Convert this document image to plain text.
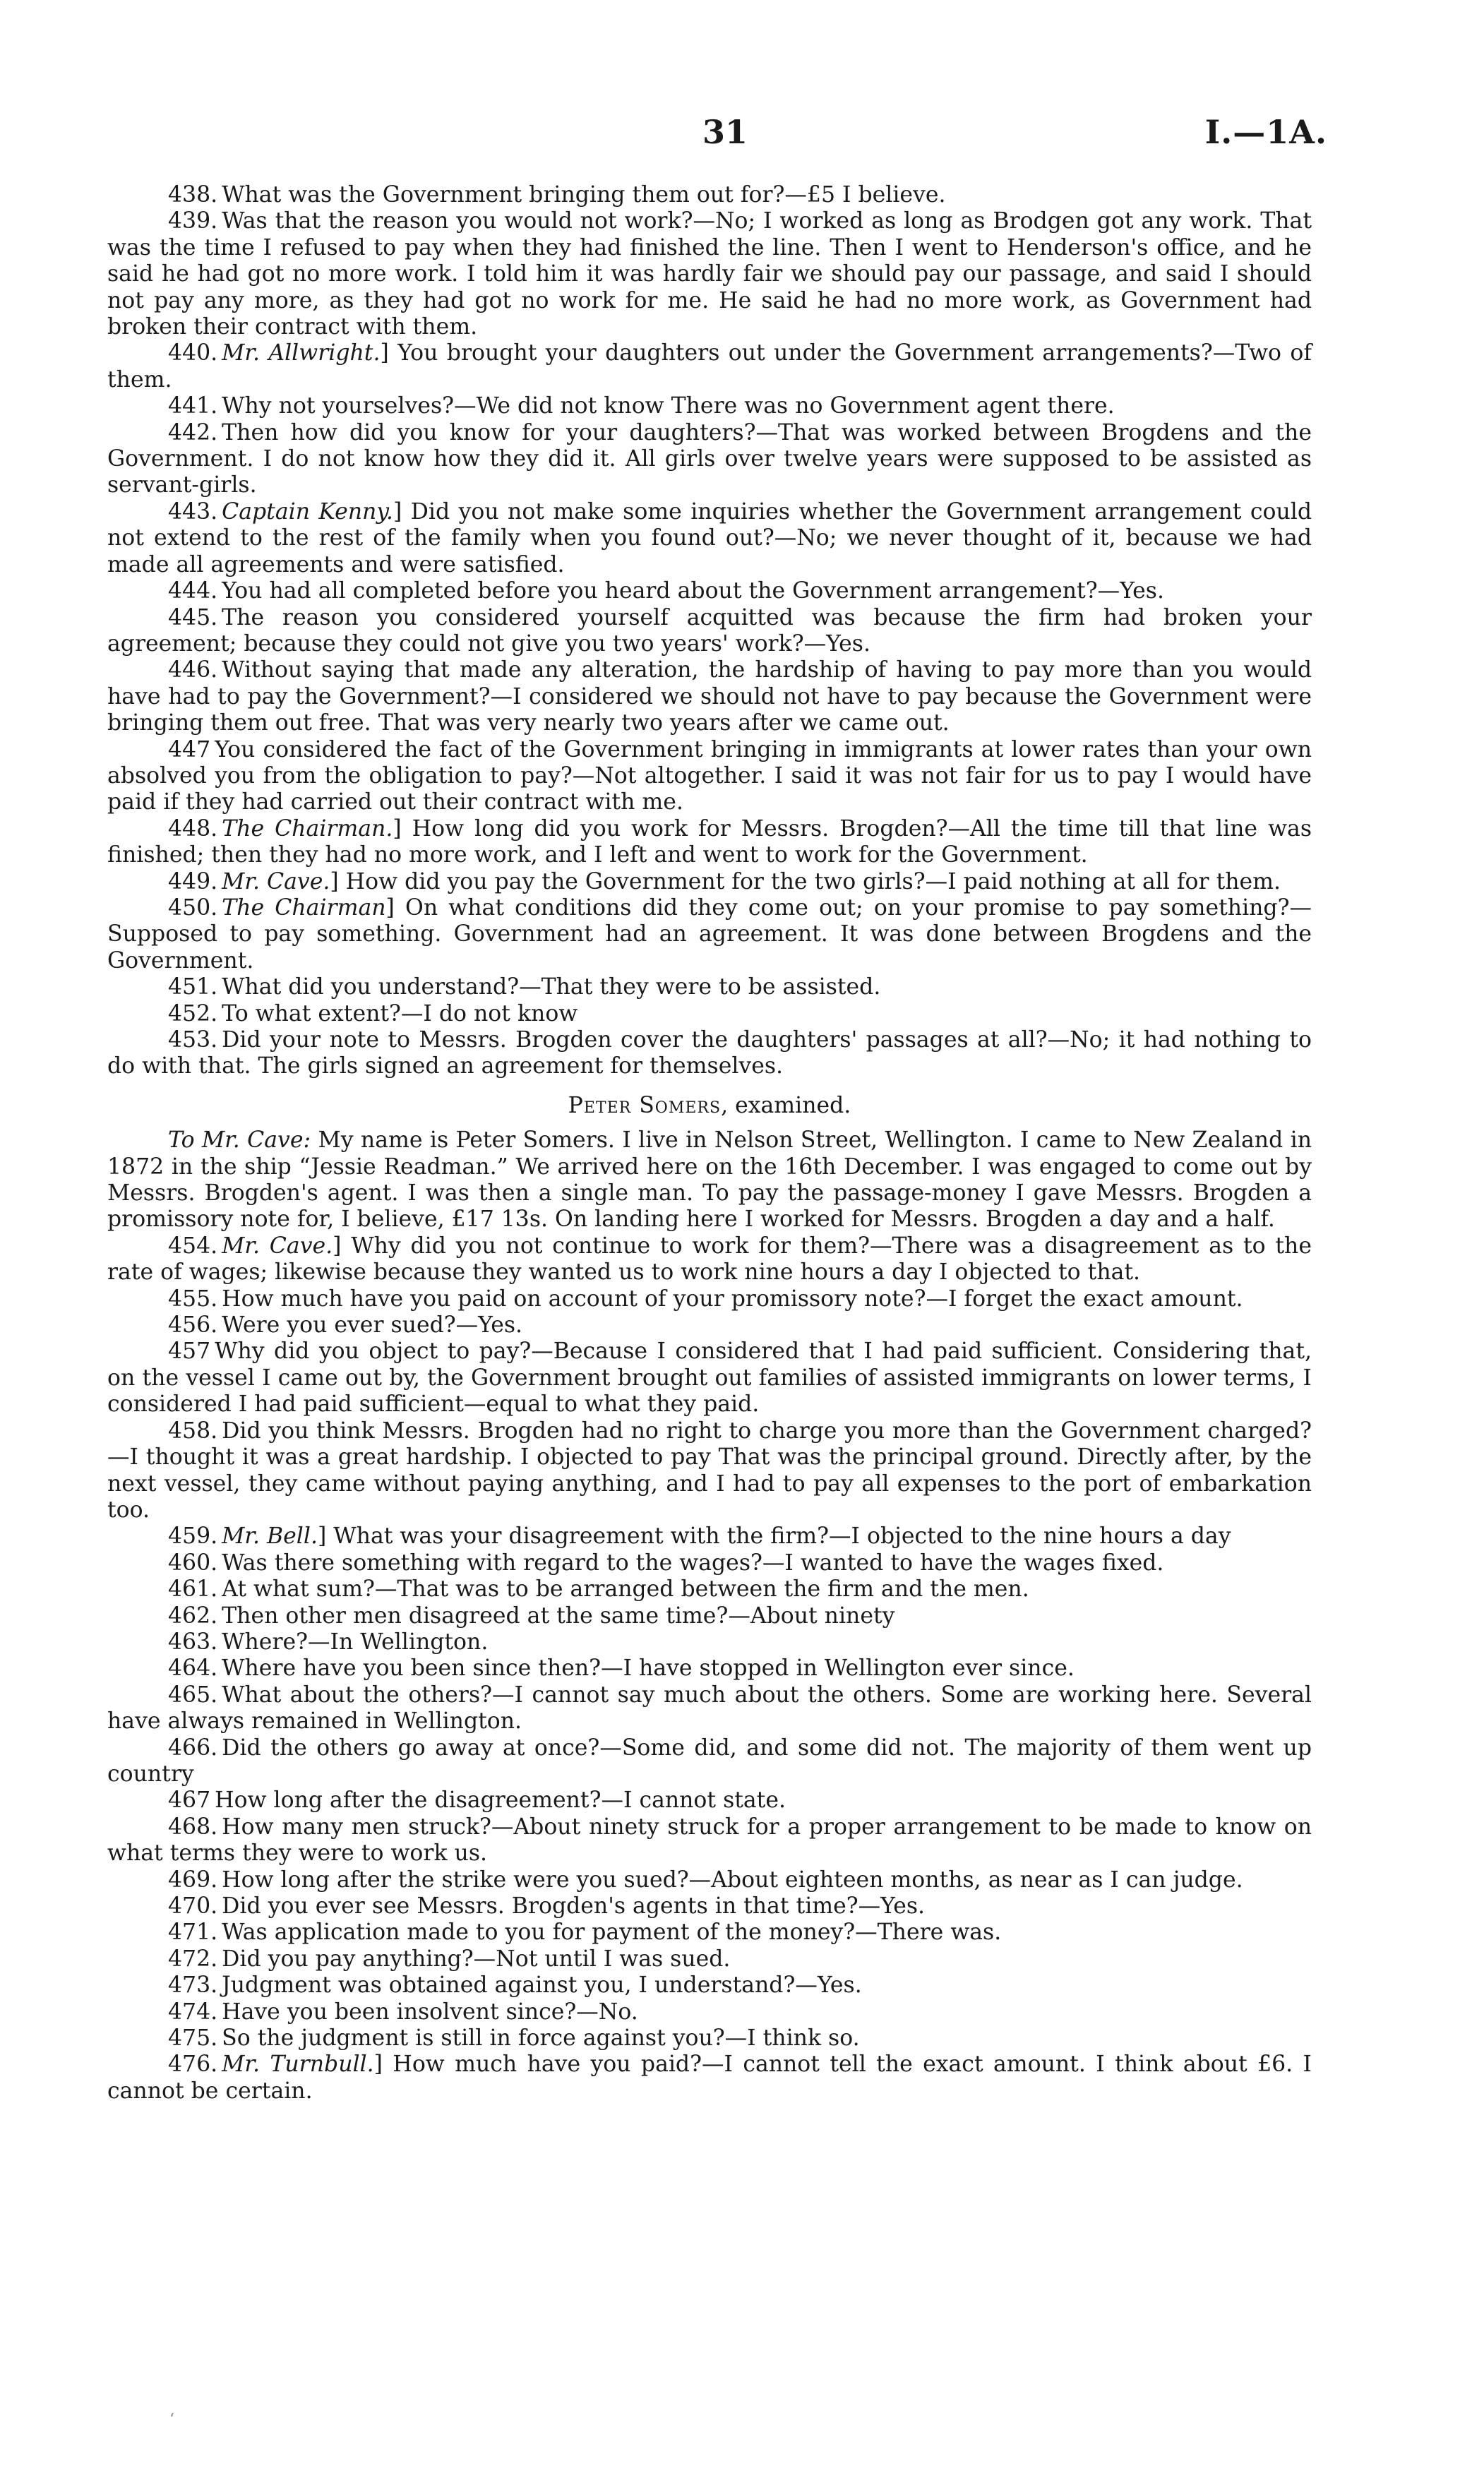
31	I.—1A.

438. What was the Government bringing them out for?—£5 I believe.

439. Was that the reason you would not work?—No; I worked as long as Brodgen got any work. That was the time I refused to pay when they had finished the line. Then I went to Henderson's office, and he said he had got no more work. I told him it was hardly fair we should pay our passage, and said I should not pay any more, as they had got no work for me. He said he had no more work, as Government had broken their contract with them.

440. Mr. Allwright.] You brought your daughters out under the Government arrangements?—Two of them.

441. Why not yourselves?—We did not know There was no Government agent there.

442. Then how did you know for your daughters?—That was worked between Brogdens and the Government. I do not know how they did it. All girls over twelve years were supposed to be assisted as servant-girls.

443. Captain Kenny.] Did you not make some inquiries whether the Government arrangement could not extend to the rest of the family when you found out?—No; we never thought of it, because we had made all agreements and were satisfied.

444. You had all completed before you heard about the Government arrangement?—Yes.

445. The reason you considered yourself acquitted was because the firm had broken your agreement; because they could not give you two years' work?—Yes.

446. Without saying that made any alteration, the hardship of having to pay more than you would have had to pay the Government?—I considered we should not have to pay because the Government were bringing them out free. That was very nearly two years after we came out.

447 You considered the fact of the Government bringing in immigrants at lower rates than your own absolved you from the obligation to pay?—Not altogether. I said it was not fair for us to pay I would have paid if they had carried out their contract with me.

448. The Chairman.] How long did you work for Messrs. Brogden?—All the time till that line was finished; then they had no more work, and I left and went to work for the Government.

449. Mr. Cave.] How did you pay the Government for the two girls?—I paid nothing at all for them.

450. The Chairman] On what conditions did they come out; on your promise to pay something?—Supposed to pay something. Government had an agreement. It was done between Brogdens and the Government.

451. What did you understand?—That they were to be assisted.

452. To what extent?—I do not know

453. Did your note to Messrs. Brogden cover the daughters' passages at all?—No; it had nothing to do with that. The girls signed an agreement for themselves.

Peter Somers, examined.

To Mr. Cave: My name is Peter Somers. I live in Nelson Street, Wellington. I came to New Zealand in 1872 in the ship “Jessie Readman.” We arrived here on the 16th December. I was engaged to come out by Messrs. Brogden's agent. I was then a single man. To pay the passage-money I gave Messrs. Brogden a promissory note for, I believe, £17 13s. On landing here I worked for Messrs. Brogden a day and a half.

454. Mr. Cave.] Why did you not continue to work for them?—There was a disagreement as to the rate of wages; likewise because they wanted us to work nine hours a day I objected to that.

455. How much have you paid on account of your promissory note?—I forget the exact amount.

456. Were you ever sued?—Yes.

457 Why did you object to pay?—Because I considered that I had paid sufficient. Considering that, on the vessel I came out by, the Government brought out families of assisted immigrants on lower terms, I considered I had paid sufficient—equal to what they paid.

458. Did you think Messrs. Brogden had no right to charge you more than the Government charged?—I thought it was a great hardship. I objected to pay That was the principal ground. Directly after, by the next vessel, they came without paying anything, and I had to pay all expenses to the port of embarkation too.

459. Mr. Bell.] What was your disagreement with the firm?—I objected to the nine hours a day

460. Was there something with regard to the wages?—I wanted to have the wages fixed.

461. At what sum?—That was to be arranged between the firm and the men.

462. Then other men disagreed at the same time?—About ninety

463. Where?—In Wellington.

464. Where have you been since then?—I have stopped in Wellington ever since.

465. What about the others?—I cannot say much about the others. Some are working here. Several have always remained in Wellington.

466. Did the others go away at once?—Some did, and some did not. The majority of them went up country

467 How long after the disagreement?—I cannot state.

468. How many men struck?—About ninety struck for a proper arrangement to be made to know on what terms they were to work us.

469. How long after the strike were you sued?—About eighteen months, as near as I can judge.

470. Did you ever see Messrs. Brogden's agents in that time?—Yes.

471. Was application made to you for payment of the money?—There was.

472. Did you pay anything?—Not until I was sued.

473. Judgment was obtained against you, I understand?—Yes.

474. Have you been insolvent since?—No.

475. So the judgment is still in force against you?—I think so.

476. Mr. Turnbull.] How much have you paid?—I cannot tell the exact amount. I think about £6. I cannot be certain.

ʻ
